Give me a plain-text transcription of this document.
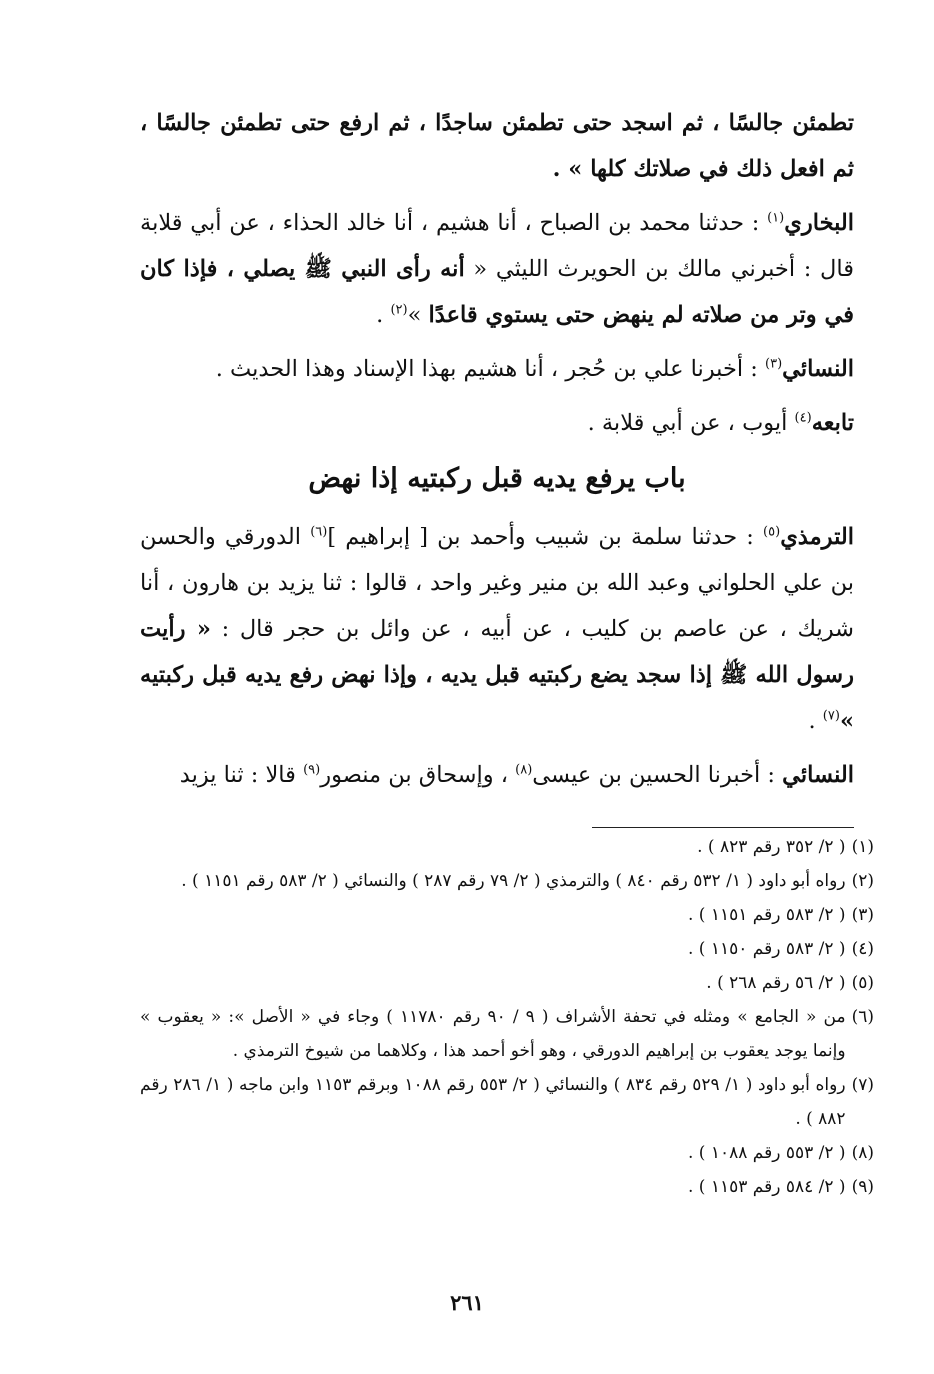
تطمئن جالسًا ، ثم اسجد حتى تطمئن ساجدًا ، ثم ارفع حتى تطمئن جالسًا ، ثم افعل ذلك في صلاتك كلها » .
البخاري$^{(١)}$ : حدثنا محمد بن الصباح ، أنا هشيم ، أنا خالد الحذاء ، عن أبي قلابة قال : أخبرني مالك بن الحويرث الليثي « أنه رأى النبي ﷺ يصلي ، فإذا كان في وتر من صلاته لم ينهض حتى يستوي قاعدًا »$^{(٢)}$ .
النسائي$^{(٣)}$ : أخبرنا علي بن حُجر ، أنا هشيم بهذا الإسناد وهذا الحديث .
تابعه$^{(٤)}$ أيوب ، عن أبي قلابة .
باب يرفع يديه قبل ركبتيه إذا نهض
الترمذي$^{(٥)}$ : حدثنا سلمة بن شبيب وأحمد بن [ إبراهيم ]$^{(٦)}$ الدورقي والحسن بن علي الحلواني وعبد الله بن منير وغير واحد ، قالوا : ثنا يزيد بن هارون ، أنا شريك ، عن عاصم بن كليب ، عن أبيه ، عن وائل بن حجر قال : « رأيت رسول الله ﷺ إذا سجد يضع ركبتيه قبل يديه ، وإذا نهض رفع يديه قبل ركبتيه »$^{(٧)}$ .
النسائي : أخبرنا الحسين بن عيسى$^{(٨)}$ ، وإسحاق بن منصور$^{(٩)}$ قالا : ثنا يزيد
(١)
( ٢/ ٣٥٢ رقم ٨٢٣ ) .
(٢)
رواه أبو داود ( ١/ ٥٣٢ رقم ٨٤٠ ) والترمذي ( ٢/ ٧٩ رقم ٢٨٧ ) والنسائي ( ٢/ ٥٨٣ رقم ١١٥١ ) .
(٣)
( ٢/ ٥٨٣ رقم ١١٥١ ) .
(٤)
( ٢/ ٥٨٣ رقم ١١٥٠ ) .
(٥)
( ٢/ ٥٦ رقم ٢٦٨ ) .
(٦)
من « الجامع » ومثله في تحفة الأشراف ( ٩ / ٩٠ رقم ١١٧٨٠ ) وجاء في « الأصل »: « يعقوب » وإنما يوجد يعقوب بن إبراهيم الدورقي ، وهو أخو أحمد هذا ، وكلاهما من شيوخ الترمذي .
(٧)
رواه أبو داود ( ١/ ٥٢٩ رقم ٨٣٤ ) والنسائي ( ٢/ ٥٥٣ رقم ١٠٨٨ وبرقم ١١٥٣ وابن ماجه ( ١/ ٢٨٦ رقم ٨٨٢ ) .
(٨)
( ٢/ ٥٥٣ رقم ١٠٨٨ ) .
(٩)
( ٢/ ٥٨٤ رقم ١١٥٣ ) .
٢٦١
